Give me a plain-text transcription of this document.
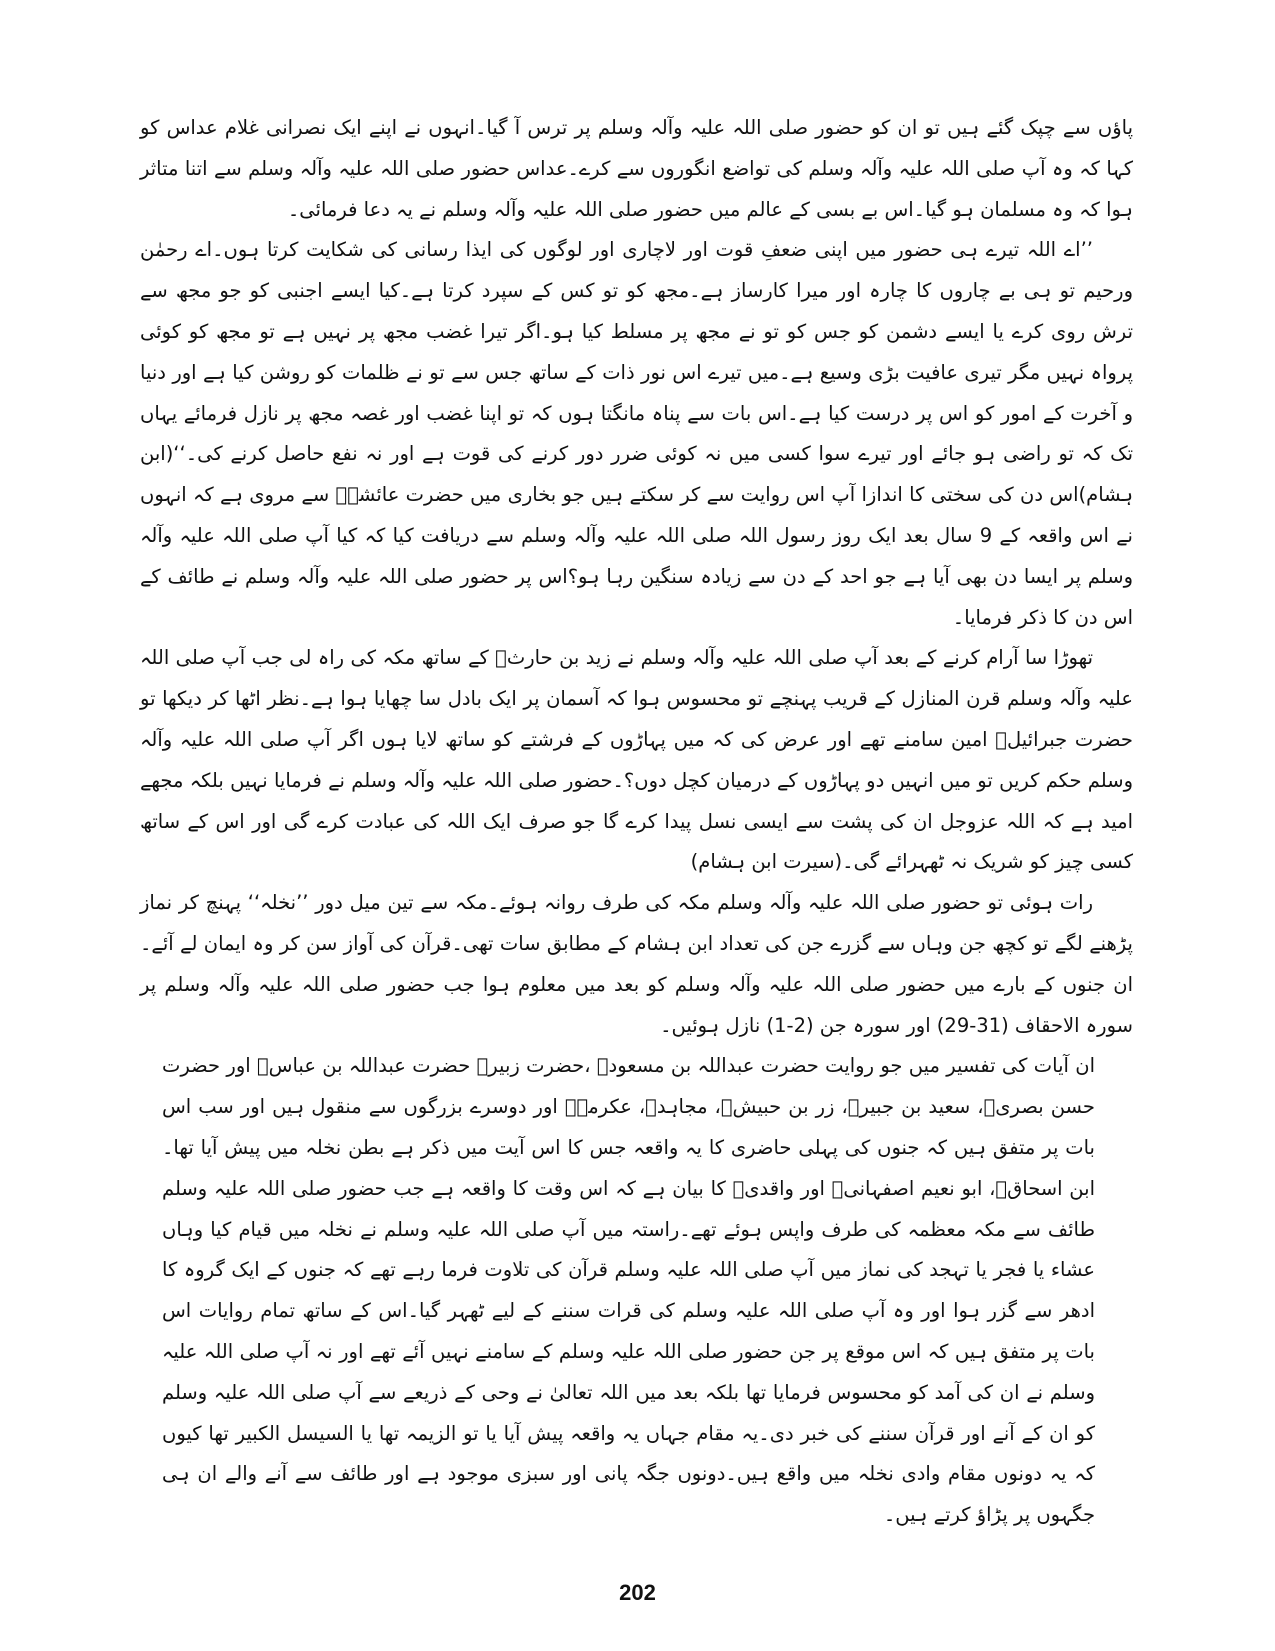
پاؤں سے چپک گئے ہیں تو ان کو حضور صلی اللہ علیہ وآلہ وسلم پر ترس آ گیا۔انہوں نے اپنے ایک نصرانی غلام عداس کو کہا کہ وہ آپ صلی اللہ علیہ وآلہ وسلم کی تواضع انگوروں سے کرے۔عداس حضور صلی اللہ علیہ وآلہ وسلم سے اتنا متاثر ہوا کہ وہ مسلمان ہو گیا۔اس بے بسی کے عالم میں حضور صلی اللہ علیہ وآلہ وسلم نے یہ دعا فرمائی۔

’’اے اللہ تیرے ہی حضور میں اپنی ضعفِ قوت اور لاچاری اور لوگوں کی ایذا رسانی کی شکایت کرتا ہوں۔اے رحمٰن ورحیم تو ہی بے چاروں کا چارہ اور میرا کارساز ہے۔مجھ کو تو کس کے سپرد کرتا ہے۔کیا ایسے اجنبی کو جو مجھ سے ترش روی کرے یا ایسے دشمن کو جس کو تو نے مجھ پر مسلط کیا ہو۔اگر تیرا غضب مجھ پر نہیں ہے تو مجھ کو کوئی پرواہ نہیں مگر تیری عافیت بڑی وسیع ہے۔میں تیرے اس نور ذات کے ساتھ جس سے تو نے ظلمات کو روشن کیا ہے اور دنیا و آخرت کے امور کو اس پر درست کیا ہے۔اس بات سے پناہ مانگتا ہوں کہ تو اپنا غضب اور غصہ مجھ پر نازل فرمائے یہاں تک کہ تو راضی ہو جائے اور تیرے سوا کسی میں نہ کوئی ضرر دور کرنے کی قوت ہے اور نہ نفع حاصل کرنے کی۔‘‘(ابن ہشام)اس دن کی سختی کا اندازا آپ اس روایت سے کر سکتے ہیں جو بخاری میں حضرت عائشہؓ سے مروی ہے کہ انہوں نے اس واقعہ کے 9 سال بعد ایک روز رسول اللہ صلی اللہ علیہ وآلہ وسلم سے دریافت کیا کہ کیا آپ صلی اللہ علیہ وآلہ وسلم پر ایسا دن بھی آیا ہے جو احد کے دن سے زیادہ سنگین رہا ہو؟اس پر حضور صلی اللہ علیہ وآلہ وسلم نے طائف کے اس دن کا ذکر فرمایا۔

تھوڑا سا آرام کرنے کے بعد آپ صلی اللہ علیہ وآلہ وسلم نے زید بن حارثؓ کے ساتھ مکہ کی راہ لی جب آپ صلی اللہ علیہ وآلہ وسلم قرن المنازل کے قریب پہنچے تو محسوس ہوا کہ آسمان پر ایک بادل سا چھایا ہوا ہے۔نظر اٹھا کر دیکھا تو حضرت جبرائیلؑ امین سامنے تھے اور عرض کی کہ میں پہاڑوں کے فرشتے کو ساتھ لایا ہوں اگر آپ صلی اللہ علیہ وآلہ وسلم حکم کریں تو میں انہیں دو پہاڑوں کے درمیان کچل دوں؟۔حضور صلی اللہ علیہ وآلہ وسلم نے فرمایا نہیں بلکہ مجھے امید ہے کہ اللہ عزوجل ان کی پشت سے ایسی نسل پیدا کرے گا جو صرف ایک اللہ کی عبادت کرے گی اور اس کے ساتھ کسی چیز کو شریک نہ ٹھہرائے گی۔(سیرت ابن ہشام)

رات ہوئی تو حضور صلی اللہ علیہ وآلہ وسلم مکہ کی طرف روانہ ہوئے۔مکہ سے تین میل دور ’’نخلہ‘‘ پہنچ کر نماز پڑھنے لگے تو کچھ جن وہاں سے گزرے جن کی تعداد ابن ہشام کے مطابق سات تھی۔قرآن کی آواز سن کر وہ ایمان لے آئے۔ان جنوں کے بارے میں حضور صلی اللہ علیہ وآلہ وسلم کو بعد میں معلوم ہوا جب حضور صلی اللہ علیہ وآلہ وسلم پر سورہ الاحقاف (31-29) اور سورہ جن (2-1) نازل ہوئیں۔

ان آیات کی تفسیر میں جو روایت حضرت عبداللہ بن مسعودؓ ،حضرت زبیرؓ حضرت عبداللہ بن عباسؓ اور حضرت حسن بصریؒ، سعید بن جبیرؒ، زر بن حبیشؒ، مجاہدؒ، عکرمہؒ اور دوسرے بزرگوں سے منقول ہیں اور سب اس بات پر متفق ہیں کہ جنوں کی پہلی حاضری کا یہ واقعہ جس کا اس آیت میں ذکر ہے بطن نخلہ میں پیش آیا تھا۔ابن اسحاقؒ، ابو نعیم اصفہانیؒ اور واقدیؒ کا بیان ہے کہ اس وقت کا واقعہ ہے جب حضور صلی اللہ علیہ وسلم طائف سے مکہ معظمہ کی طرف واپس ہوئے تھے۔راستہ میں آپ صلی اللہ علیہ وسلم نے نخلہ میں قیام کیا وہاں عشاء یا فجر یا تہجد کی نماز میں آپ صلی اللہ علیہ وسلم قرآن کی تلاوت فرما رہے تھے کہ جنوں کے ایک گروہ کا ادھر سے گزر ہوا اور وہ آپ صلی اللہ علیہ وسلم کی قرات سننے کے لیے ٹھہر گیا۔اس کے ساتھ تمام روایات اس بات پر متفق ہیں کہ اس موقع پر جن حضور صلی اللہ علیہ وسلم کے سامنے نہیں آئے تھے اور نہ آپ صلی اللہ علیہ وسلم نے ان کی آمد کو محسوس فرمایا تھا بلکہ بعد میں اللہ تعالیٰ نے وحی کے ذریعے سے آپ صلی اللہ علیہ وسلم کو ان کے آنے اور قرآن سننے کی خبر دی۔یہ مقام جہاں یہ واقعہ پیش آیا یا تو الزیمہ تھا یا السیسل الکبیر تھا کیوں کہ یہ دونوں مقام وادی نخلہ میں واقع ہیں۔دونوں جگہ پانی اور سبزی موجود ہے اور طائف سے آنے والے ان ہی جگہوں پر پڑاؤ کرتے ہیں۔

202
